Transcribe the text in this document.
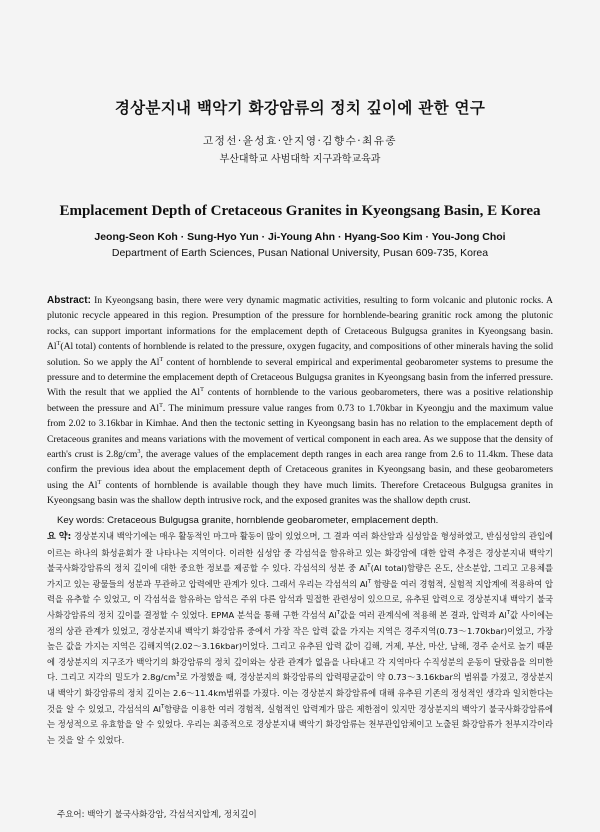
경상분지내 백악기 화강암류의 정치 깊이에 관한 연구
고정선·윤성효·안지영·김향수·최유종
부산대학교 사범대학 지구과학교육과
Emplacement Depth of Cretaceous Granites in Kyeongsang Basin, E Korea
Jeong-Seon Koh · Sung-Hyo Yun · Ji-Young Ahn · Hyang-Soo Kim · You-Jong Choi
Department of Earth Sciences, Pusan National University, Pusan 609-735, Korea

Abstract: In Kyeongsang basin, there were very dynamic magmatic activities, resulting to form volcanic and plutonic rocks. A plutonic recycle appeared in this region. Presumption of the pressure for hornblende-bearing granitic rock among the plutonic rocks, can support important informations for the emplacement depth of Cretaceous Bulgugsa granites in Kyeongsang basin. $Al^T(Al$ total) contents of hornblende is related to the pressure, oxygen fugacity, and compositions of other minerals having the solid solution. So we apply the $Al^T$ content of hornblende to several empirical and experimental geobarometer systems to presume the pressure and to determine the emplacement depth of Cretaceous Bulgugsa granites in Kyeongsang basin from the inferred pressure. With the result that we applied the $Al^T$ contents of hornblende to the various geobarometers, there was a positive relationship between the pressure and $Al^T$. The minimum pressure value ranges from 0.73 to 1.70kbar in Kyeongju and the maximum value from 2.02 to 3.16kbar in Kimhae. And then the tectonic setting in Kyeongsang basin has no relation to the emplacement depth of Cretaceous granites and means variations with the movement of vertical component in each area. As we suppose that the density of earth's crust is $2.8g/cm^3$, the average values of the emplacement depth ranges in each area range from 2.6 to 11.4km. These data confirm the previous idea about the emplacement depth of Cretaceous granites in Kyeongsang basin, and these geobarometers using the $Al^T$ contents of hornblende is available though they have much limits. Therefore Cretaceous Bulgugsa granites in Kyeongsang basin was the shallow depth intrusive rock, and the exposed granites was the shallow depth crust.

Key words: Cretaceous Bulgugsa granite, hornblende geobarometer, emplacement depth.

요 약: 경상분지내 백악기에는 매우 활동적인 마그마 활동이 많이 있었으며, 그 결과 여러 화산암과 심성암을 형성하였고, 반심성암의 관입에 이르는 하나의 화성윤회가 잘 나타나는 지역이다. 이러한 심성암 중 각섬석을 함유하고 있는 화강암에 대한 압력 추정은 경상분지내 백악기 불국사화강암류의 정치 깊이에 대한 중요한 정보를 제공할 수 있다. 각섬석의 성분 중 $Al^T(Al$ total)함량은 온도, 산소분압, 그리고 고용체를 가지고 있는 광물들의 성분과 무관하고 압력에만 관계가 있다. 그래서 우리는 각섬석의 $Al^T$ 함량을 여러 경험적, 실험적 지압계에 적용하여 압력을 유추할 수 있었고, 이 각섬석을 함유하는 암석은 주위 다른 암석과 밀접한 관련성이 있으므로, 유추된 압력으로 경상분지내 백악기 불국사화강암류의 정치 깊이를 결정할 수 있었다. EPMA 분석을 통해 구한 각섬석 $Al^T$값을 여러 관계식에 적용해 본 결과, 압력과 $Al^T$값 사이에는 정의 상관 관계가 있었고, 경상분지내 백악기 화강암류 중에서 가장 작은 압력 값을 가지는 지역은 경주지역(0.73～1.70kbar)이었고, 가장 높은 값을 가지는 지역은 김해지역(2.02～3.16kbar)이었다. 그리고 유추된 압력 값이 김해, 거제, 부산, 마산, 남해, 경주 순서로 높기 때문에 경상분지의 지구조가 백악기의 화강암류의 정치 깊이와는 상관 관계가 없음을 나타내고 각 지역마다 수직성분의 운동이 달랐음을 의미한다. 그리고 지각의 밀도가 $2.8g/cm^3$로 가정했을 때, 경상분지의 화강암류의 압력평균값이 약 0.73～3.16kbar의 범위를 가졌고, 경상분지내 백악기 화강암류의 정치 깊이는 2.6～11.4km범위를 가졌다. 이는 경상분지 화강암류에 대해 유추된 기존의 정성적인 생각과 일치한다는 것을 알 수 있었고, 각섬석의 $Al^T$함량을 이용한 여러 경험적, 실험적인 압력계가 많은 제한점이 있지만 경상분지의 백악기 불국사화강암류에는 정성적으로 유효함을 알 수 있었다. 우리는 최종적으로 경상분지내 백악기 화강암류는 천부관입암체이고 노출된 화강암류가 천부지각이라는 것을 알 수 있었다.

주요어: 백악기 불국사화강암, 각섬석지압계, 정치깊이
